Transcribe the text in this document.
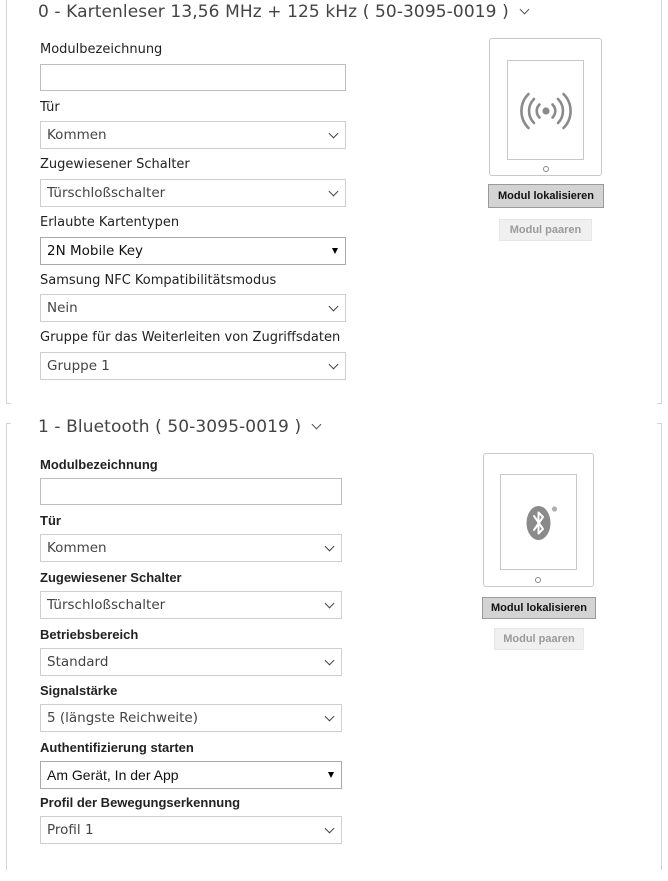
0 - Kartenleser 13,56 MHz + 125 kHz ( 50-3095-0019 )
Modulbezeichnung
Tür
Kommen
Zugewiesener Schalter
Türschloßschalter
Erlaubte Kartentypen
2N Mobile Key
Samsung NFC Kompatibilitätsmodus
Nein
Gruppe für das Weiterleiten von Zugriffsdaten
Gruppe 1
Modul lokalisieren
Modul paaren
1 - Bluetooth ( 50-3095-0019 )
Modulbezeichnung
Tür
Kommen
Zugewiesener Schalter
Türschloßschalter
Betriebsbereich
Standard
Signalstärke
5 (längste Reichweite)
Authentifizierung starten
Am Gerät, In der App
Profil der Bewegungserkennung
Profil 1
Modul lokalisieren
Modul paaren
